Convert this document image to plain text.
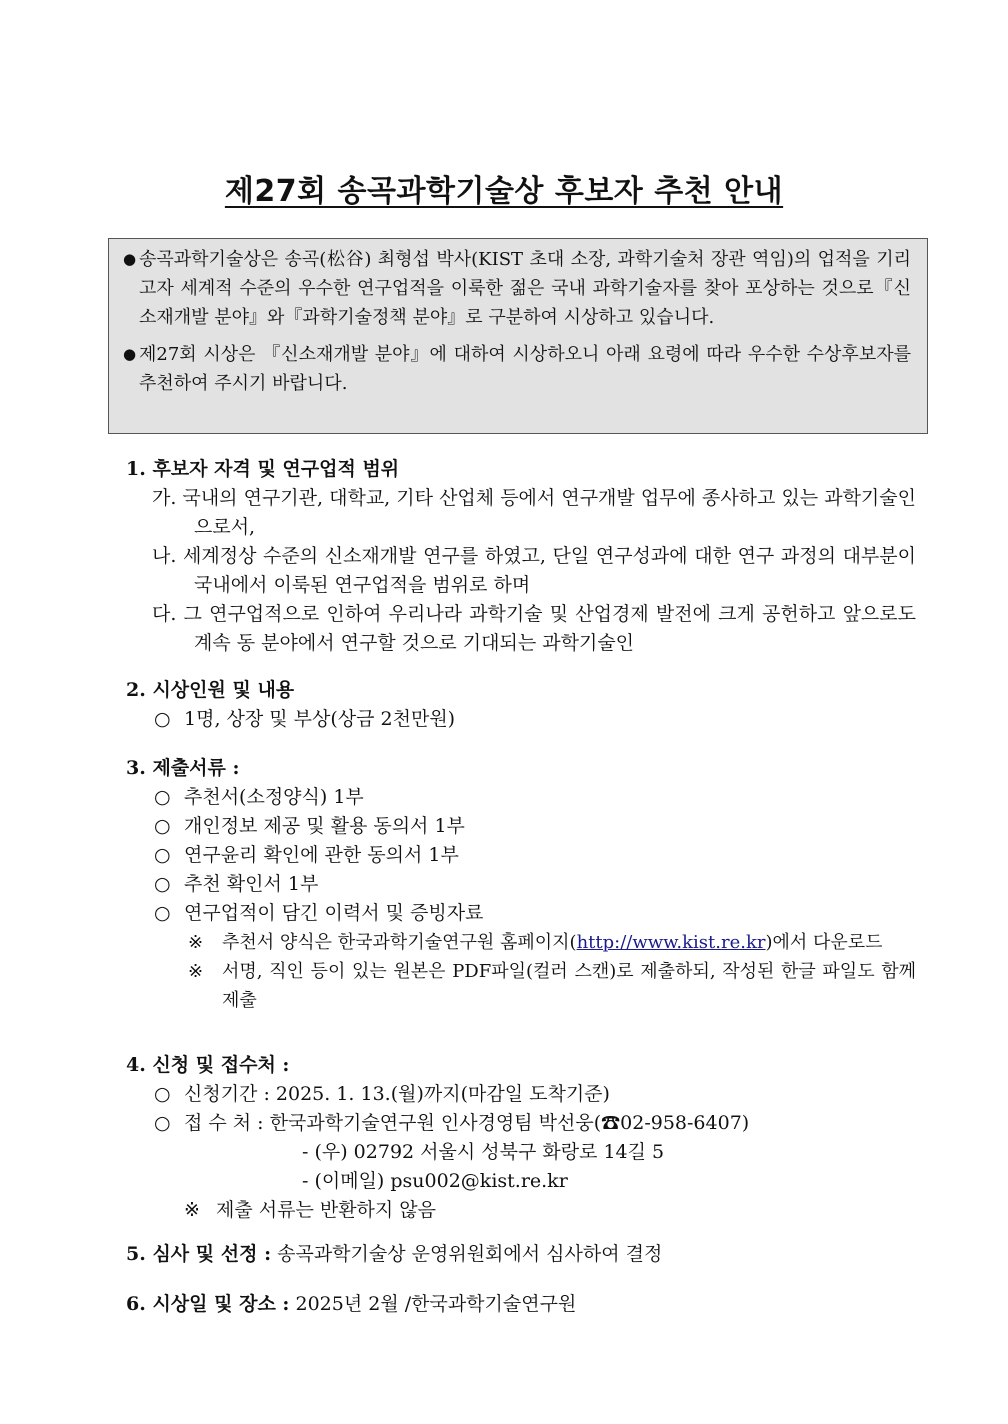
제27회 송곡과학기술상 후보자 추천 안내
● 송곡과학기술상은 송곡(松谷) 최형섭 박사(KIST 초대 소장, 과학기술처 장관 역임)의 업적을 기리고자 세계적 수준의 우수한 연구업적을 이룩한 젊은 국내 과학기술자를 찾아 포상하는 것으로『신소재개발 분야』와『과학기술정책 분야』로 구분하여 시상하고 있습니다.
● 제27회 시상은 『신소재개발 분야』에 대하여 시상하오니 아래 요령에 따라 우수한 수상후보자를 추천하여 주시기 바랍니다.
1. 후보자 자격 및 연구업적 범위
가. 국내의 연구기관, 대학교, 기타 산업체 등에서 연구개발 업무에 종사하고 있는 과학기술인으로서,
나. 세계정상 수준의 신소재개발 연구를 하였고, 단일 연구성과에 대한 연구 과정의 대부분이 국내에서 이룩된 연구업적을 범위로 하며
다. 그 연구업적으로 인하여 우리나라 과학기술 및 산업경제 발전에 크게 공헌하고 앞으로도 계속 동 분야에서 연구할 것으로 기대되는 과학기술인
2. 시상인원 및 내용
○ 1명, 상장 및 부상(상금 2천만원)
3. 제출서류 :
○ 추천서(소정양식) 1부
○ 개인정보 제공 및 활용 동의서 1부
○ 연구윤리 확인에 관한 동의서 1부
○ 추천 확인서 1부
○ 연구업적이 담긴 이력서 및 증빙자료
※ 추천서 양식은 한국과학기술연구원 홈페이지(http://www.kist.re.kr)에서 다운로드
※ 서명, 직인 등이 있는 원본은 PDF파일(컬러 스캔)로 제출하되, 작성된 한글 파일도 함께 제출
4. 신청 및 접수처 :
○ 신청기간 : 2025. 1. 13.(월)까지(마감일 도착기준)
○ 접 수 처 : 한국과학기술연구원 인사경영팀 박선웅(☎02-958-6407)
- (우) 02792 서울시 성북구 화랑로 14길 5
- (이메일) psu002@kist.re.kr
※ 제출 서류는 반환하지 않음
5. 심사 및 선정 : 송곡과학기술상 운영위원회에서 심사하여 결정
6. 시상일 및 장소 : 2025년 2월 /한국과학기술연구원
